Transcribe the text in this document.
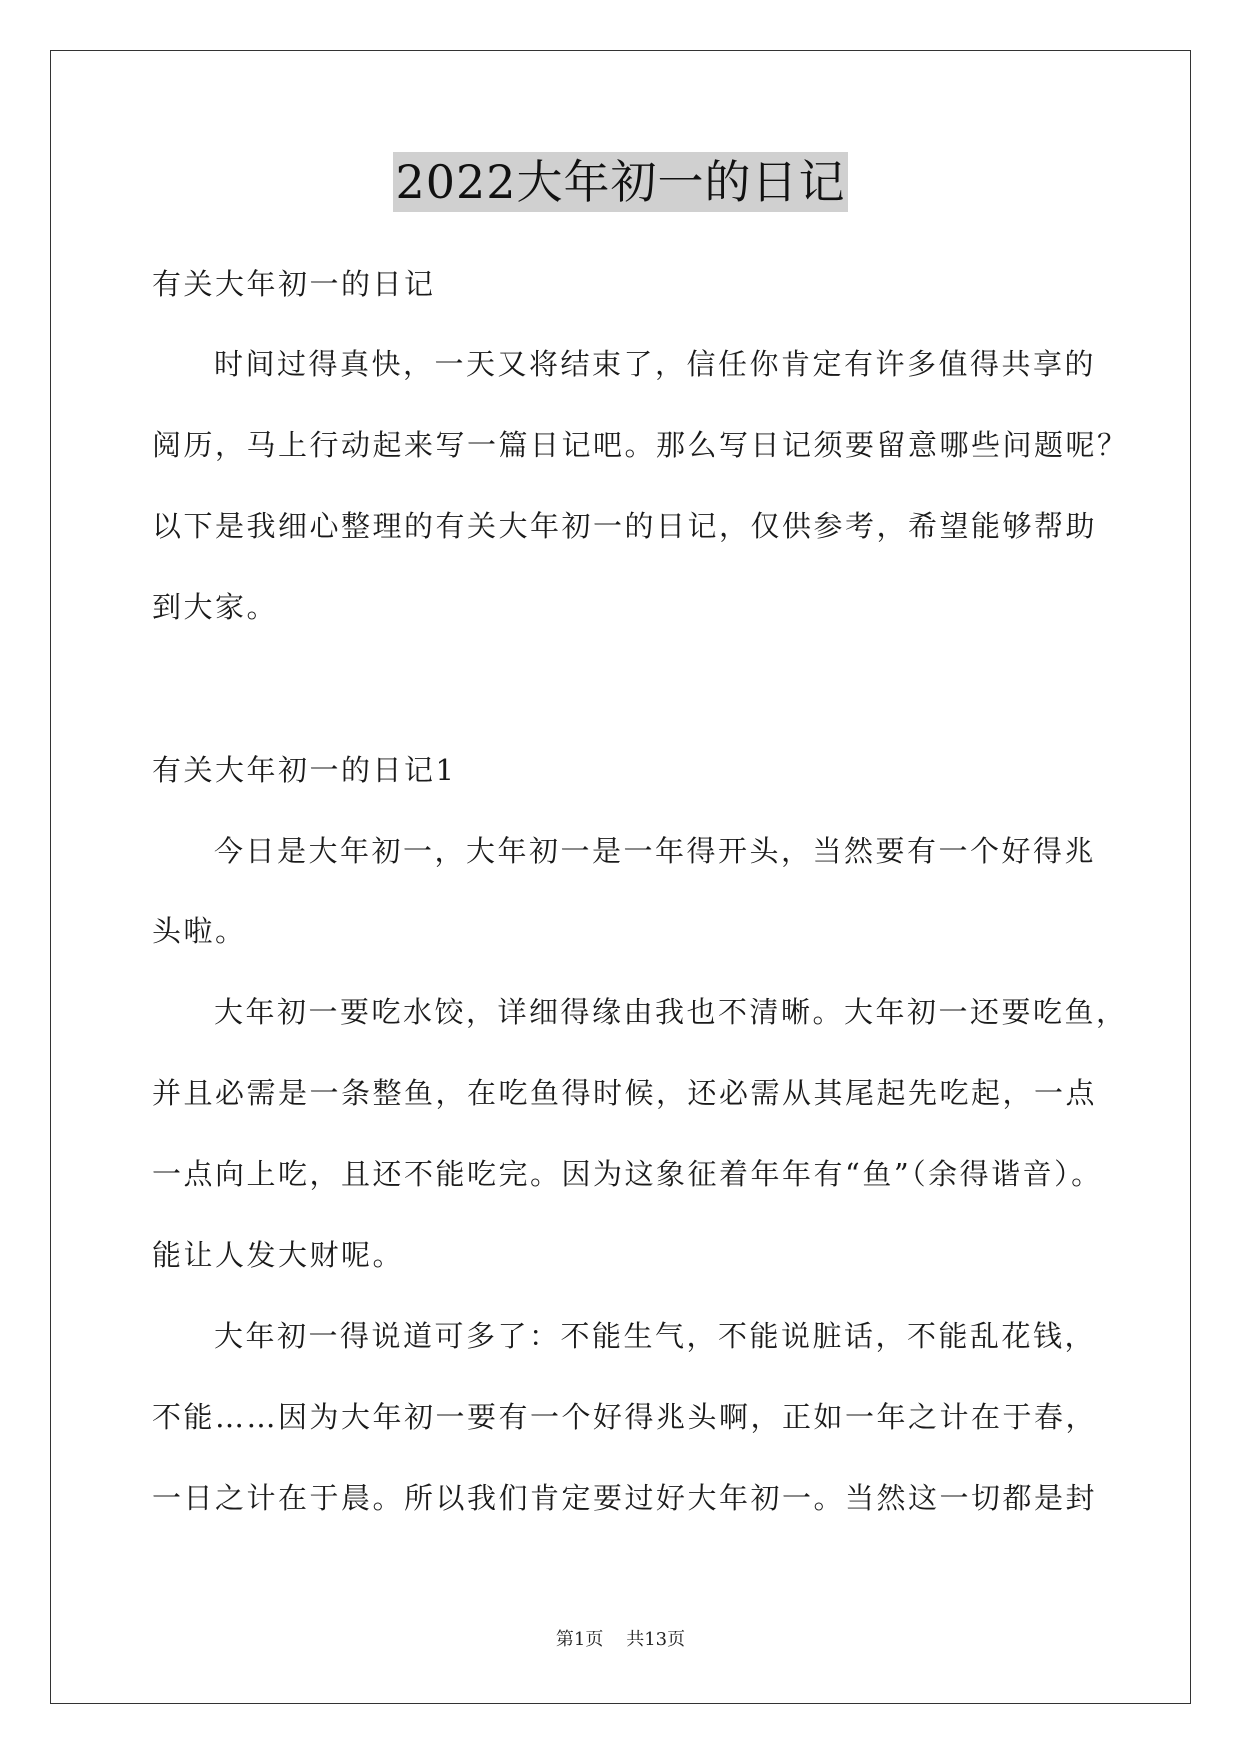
2022大年初一的日记
有关大年初一的日记
时间过得真快，一天又将结束了，信任你肯定有许多值得共享的
阅历，马上行动起来写一篇日记吧。那么写日记须要留意哪些问题呢？
以下是我细心整理的有关大年初一的日记，仅供参考，希望能够帮助
到大家。
有关大年初一的日记1
今日是大年初一，大年初一是一年得开头，当然要有一个好得兆
头啦。
大年初一要吃水饺，详细得缘由我也不清晰。大年初一还要吃鱼，
并且必需是一条整鱼，在吃鱼得时候，还必需从其尾起先吃起，一点
一点向上吃，且还不能吃完。因为这象征着年年有“鱼”（余得谐音）。
能让人发大财呢。
大年初一得说道可多了：不能生气，不能说脏话，不能乱花钱，
不能……因为大年初一要有一个好得兆头啊，正如一年之计在于春，
一日之计在于晨。所以我们肯定要过好大年初一。当然这一切都是封
第1页 共13页
